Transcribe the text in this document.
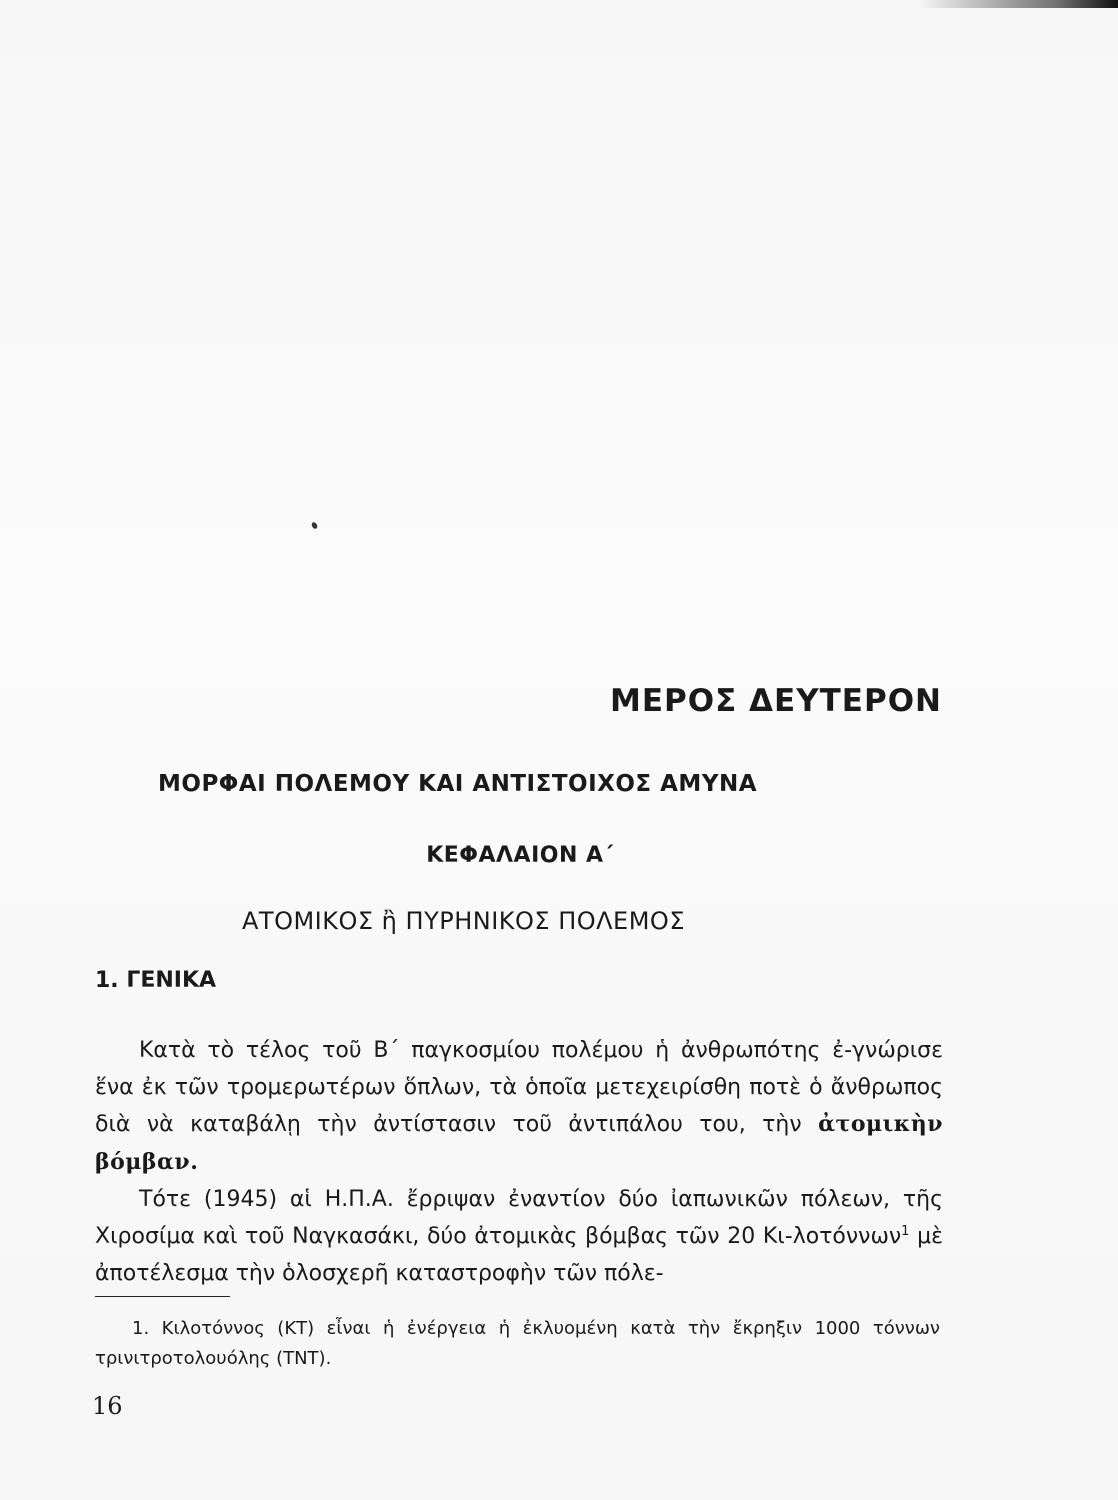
ΜΕΡΟΣ ΔΕΥΤΕΡΟΝ
ΜΟΡΦΑΙ ΠΟΛΕΜΟΥ ΚΑΙ ΑΝΤΙΣΤΟΙΧΟΣ ΑΜΥΝΑ
ΚΕΦΑΛΑΙΟΝ Α΄
ΑΤΟΜΙΚΟΣ ἢ ΠΥΡΗΝΙΚΟΣ ΠΟΛΕΜΟΣ
1. ΓΕΝΙΚΑ

Κατὰ τὸ τέλος τοῦ Β΄ παγκοσμίου πολέμου ἡ ἀνθρωπότης ἐ-γνώρισε ἕνα ἐκ τῶν τρομερωτέρων ὅπλων, τὰ ὁποῖα μετεχειρίσθη ποτὲ ὁ ἄνθρωπος διὰ νὰ καταβάλῃ τὴν ἀντίστασιν τοῦ ἀντιπάλου του, τὴν ἀτομικὴν βόμβαν.

Τότε (1945) αἱ Η.Π.Α. ἔρριψαν ἐναντίον δύο ἰαπωνικῶν πόλεων, τῆς Χιροσίμα καὶ τοῦ Ναγκασάκι, δύο ἀτομικὰς βόμβας τῶν 20 Κι-λοτόννων$^1$ μὲ ἀποτέλεσμα τὴν ὁλοσχερῆ καταστροφὴν τῶν πόλε-

1. Κιλοτόννος (ΚΤ) εἶναι ἡ ἐνέργεια ἡ ἐκλυομένη κατὰ τὴν ἔκρηξιν 1000 τόννων τρινιτροτολουόλης (ΤΝΤ).

16
